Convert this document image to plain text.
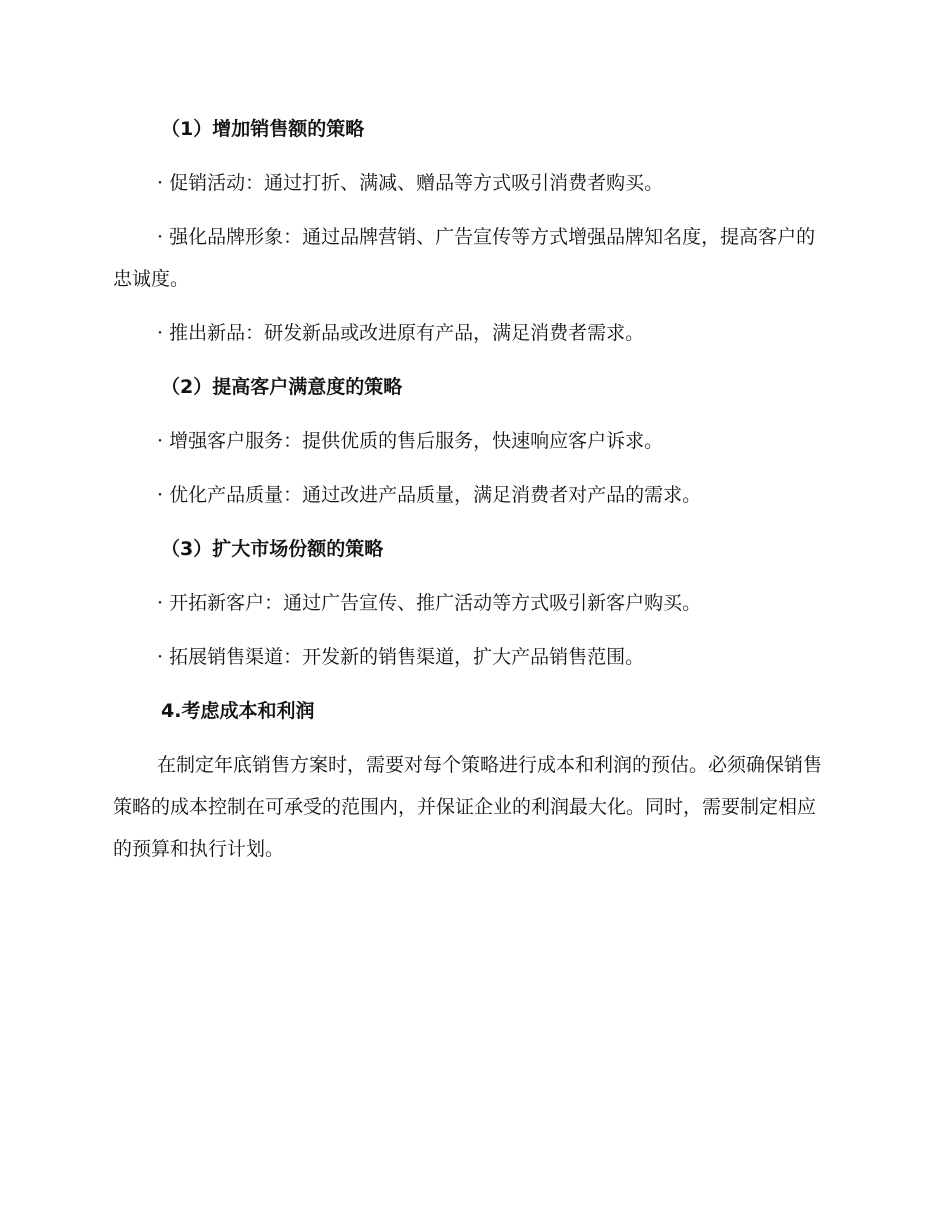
（1）增加销售额的策略

· 促销活动：通过打折、满减、赠品等方式吸引消费者购买。

· 强化品牌形象：通过品牌营销、广告宣传等方式增强品牌知名度，提高客户的忠诚度。

· 推出新品：研发新品或改进原有产品，满足消费者需求。

（2）提高客户满意度的策略

· 增强客户服务：提供优质的售后服务，快速响应客户诉求。

· 优化产品质量：通过改进产品质量，满足消费者对产品的需求。

（3）扩大市场份额的策略

· 开拓新客户：通过广告宣传、推广活动等方式吸引新客户购买。

· 拓展销售渠道：开发新的销售渠道，扩大产品销售范围。

4.考虑成本和利润

在制定年底销售方案时，需要对每个策略进行成本和利润的预估。必须确保销售策略的成本控制在可承受的范围内，并保证企业的利润最大化。同时，需要制定相应的预算和执行计划。
